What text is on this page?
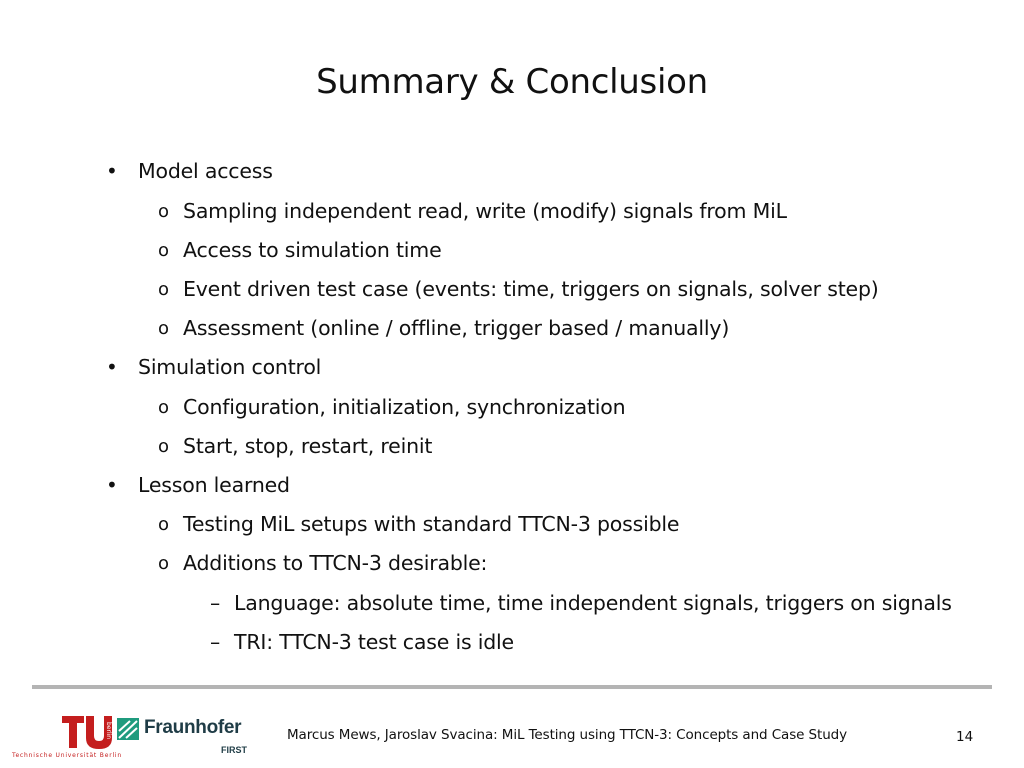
Summary & Conclusion
• Model access
o Sampling independent read, write (modify) signals from MiL
o Access to simulation time
o Event driven test case (events: time, triggers on signals, solver step)
o Assessment (online / offline, trigger based / manually)
• Simulation control
o Configuration, initialization, synchronization
o Start, stop, restart, reinit
• Lesson learned
o Testing MiL setups with standard TTCN-3 possible
o Additions to TTCN-3 desirable:
– Language: absolute time, time independent signals, triggers on signals
– TRI: TTCN-3 test case is idle
berlin
Technische Universität Berlin
Fraunhofer
FIRST
Marcus Mews, Jaroslav Svacina: MiL Testing using TTCN-3: Concepts and Case Study	14
